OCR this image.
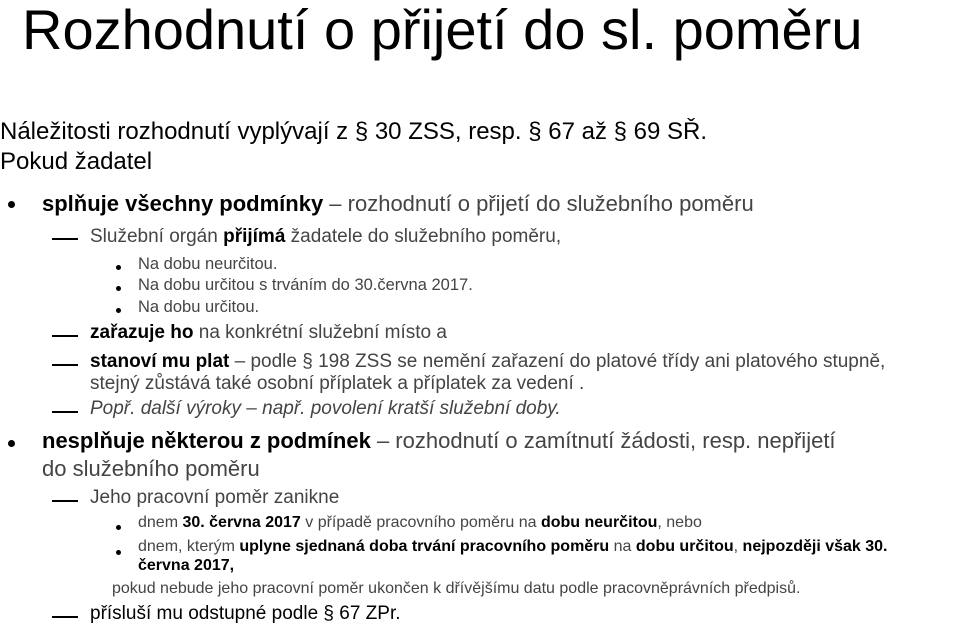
Rozhodnutí o přijetí do sl. poměru
Náležitosti rozhodnutí vyplývají z § 30 ZSS, resp. § 67 až § 69 SŘ.
Pokud žadatel
splňuje všechny podmínky – rozhodnutí o přijetí do služebního poměru
Služební orgán přijímá žadatele do služebního poměru,
Na dobu neurčitou.
Na dobu určitou s trváním do 30.června 2017.
Na dobu určitou.
zařazuje ho na konkrétní služební místo a
stanoví mu plat – podle § 198 ZSS se nemění zařazení do platové třídy ani platového stupně,
stejný zůstává také osobní příplatek a příplatek za vedení .
Popř. další výroky – např. povolení kratší služební doby.
nesplňuje některou z podmínek – rozhodnutí o zamítnutí žádosti, resp. nepřijetí
do služebního poměru
Jeho pracovní poměr zanikne
dnem 30. června 2017 v případě pracovního poměru na dobu neurčitou, nebo
dnem, kterým uplyne sjednaná doba trvání pracovního poměru na dobu určitou, nejpozději však 30.
června 2017,
pokud nebude jeho pracovní poměr ukončen k dřívějšímu datu podle pracovněprávních předpisů.
přísluší mu odstupné podle § 67 ZPr.
